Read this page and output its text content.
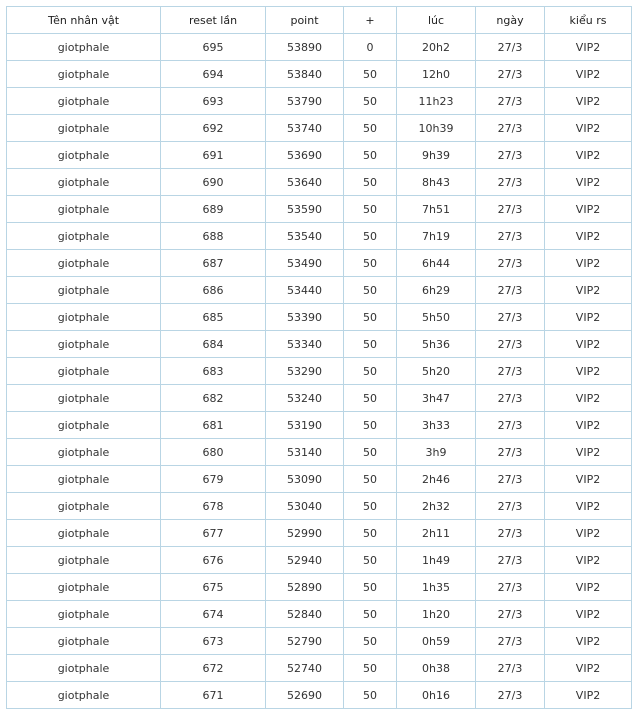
Tên nhân vật	reset lần	point	+	lúc	ngày	kiểu rs
giotphale	695	53890	0	20h2	27/3	VIP2
giotphale	694	53840	50	12h0	27/3	VIP2
giotphale	693	53790	50	11h23	27/3	VIP2
giotphale	692	53740	50	10h39	27/3	VIP2
giotphale	691	53690	50	9h39	27/3	VIP2
giotphale	690	53640	50	8h43	27/3	VIP2
giotphale	689	53590	50	7h51	27/3	VIP2
giotphale	688	53540	50	7h19	27/3	VIP2
giotphale	687	53490	50	6h44	27/3	VIP2
giotphale	686	53440	50	6h29	27/3	VIP2
giotphale	685	53390	50	5h50	27/3	VIP2
giotphale	684	53340	50	5h36	27/3	VIP2
giotphale	683	53290	50	5h20	27/3	VIP2
giotphale	682	53240	50	3h47	27/3	VIP2
giotphale	681	53190	50	3h33	27/3	VIP2
giotphale	680	53140	50	3h9	27/3	VIP2
giotphale	679	53090	50	2h46	27/3	VIP2
giotphale	678	53040	50	2h32	27/3	VIP2
giotphale	677	52990	50	2h11	27/3	VIP2
giotphale	676	52940	50	1h49	27/3	VIP2
giotphale	675	52890	50	1h35	27/3	VIP2
giotphale	674	52840	50	1h20	27/3	VIP2
giotphale	673	52790	50	0h59	27/3	VIP2
giotphale	672	52740	50	0h38	27/3	VIP2
giotphale	671	52690	50	0h16	27/3	VIP2
